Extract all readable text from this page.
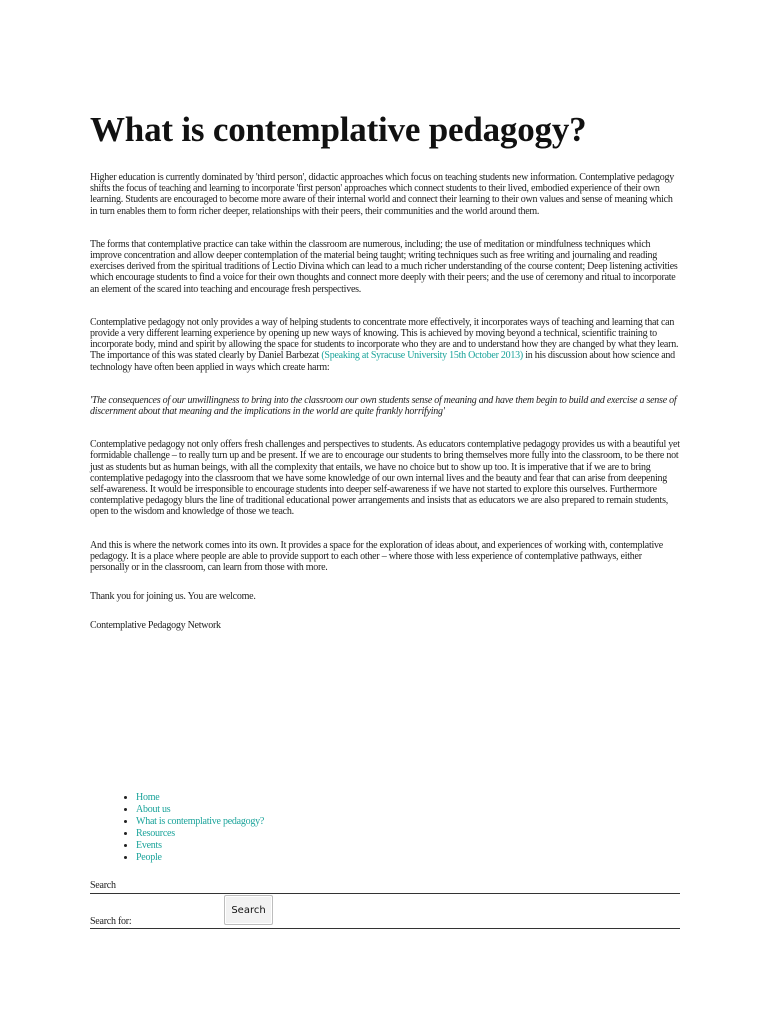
What is contemplative pedagogy?

Higher education is currently dominated by 'third person', didactic approaches which focus on teaching students new information. Contemplative pedagogy shifts the focus of teaching and learning to incorporate 'first person' approaches which connect students to their lived, embodied experience of their own learning. Students are encouraged to become more aware of their internal world and connect their learning to their own values and sense of meaning which in turn enables them to form richer deeper, relationships with their peers, their communities and the world around them.

The forms that contemplative practice can take within the classroom are numerous, including; the use of meditation or mindfulness techniques which improve concentration and allow deeper contemplation of the material being taught; writing techniques such as free writing and journaling and reading exercises derived from the spiritual traditions of Lectio Divina which can lead to a much richer understanding of the course content; Deep listening activities which encourage students to find a voice for their own thoughts and connect more deeply with their peers; and the use of ceremony and ritual to incorporate an element of the scared into teaching and encourage fresh perspectives.

Contemplative pedagogy not only provides a way of helping students to concentrate more effectively, it incorporates ways of teaching and learning that can provide a very different learning experience by opening up new ways of knowing. This is achieved by moving beyond a technical, scientific training to incorporate body, mind and spirit by allowing the space for students to incorporate who they are and to understand how they are changed by what they learn. The importance of this was stated clearly by Daniel Barbezat (Speaking at Syracuse University 15th October 2013) in his discussion about how science and technology have often been applied in ways which create harm:

'The consequences of our unwillingness to bring into the classroom our own students sense of meaning and have them begin to build and exercise a sense of discernment about that meaning and the implications in the world are quite frankly horrifying'

Contemplative pedagogy not only offers fresh challenges and perspectives to students. As educators contemplative pedagogy provides us with a beautiful yet formidable challenge – to really turn up and be present. If we are to encourage our students to bring themselves more fully into the classroom, to be there not just as students but as human beings, with all the complexity that entails, we have no choice but to show up too. It is imperative that if we are to bring contemplative pedagogy into the classroom that we have some knowledge of our own internal lives and the beauty and fear that can arise from deepening self-awareness. It would be irresponsible to encourage students into deeper self-awareness if we have not started to explore this ourselves. Furthermore contemplative pedagogy blurs the line of traditional educational power arrangements and insists that as educators we are also prepared to remain students, open to the wisdom and knowledge of those we teach.

And this is where the network comes into its own. It provides a space for the exploration of ideas about, and experiences of working with, contemplative pedagogy. It is a place where people are able to provide support to each other – where those with less experience of contemplative pathways, either personally or in the classroom, can learn from those with more.

Thank you for joining us. You are welcome.

Contemplative Pedagogy Network

• Home
• About us
• What is contemplative pedagogy?
• Resources
• Events
• People
Search
Search for:
Search
